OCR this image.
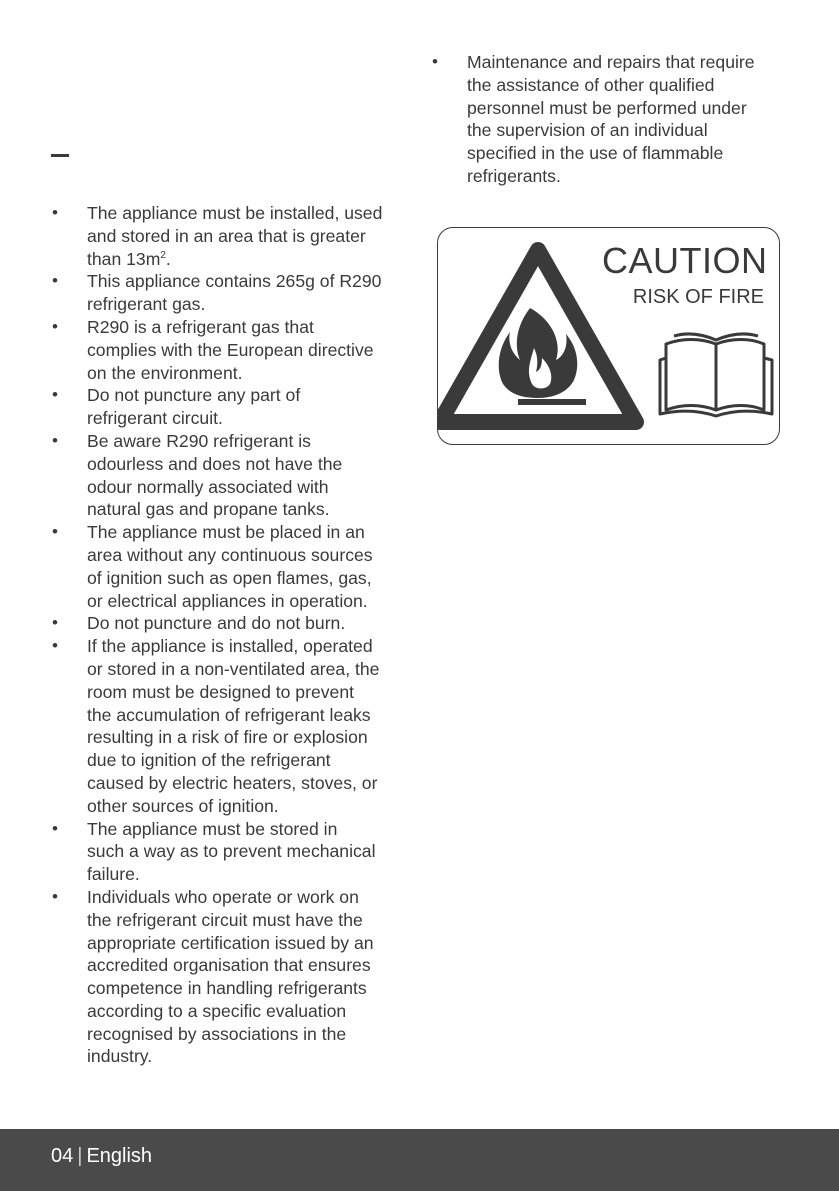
• The appliance must be installed, used
and stored in an area that is greater
than $13m^2$.
• This appliance contains 265g of R290
refrigerant gas.
• R290 is a refrigerant gas that
complies with the European directive
on the environment.
• Do not puncture any part of
refrigerant circuit.
• Be aware R290 refrigerant is
odourless and does not have the
odour normally associated with
natural gas and propane tanks.
• The appliance must be placed in an
area without any continuous sources
of ignition such as open flames, gas,
or electrical appliances in operation.
• Do not puncture and do not burn.
• If the appliance is installed, operated
or stored in a non-ventilated area, the
room must be designed to prevent
the accumulation of refrigerant leaks
resulting in a risk of fire or explosion
due to ignition of the refrigerant
caused by electric heaters, stoves, or
other sources of ignition.
• The appliance must be stored in
such a way as to prevent mechanical
failure.
• Individuals who operate or work on
the refrigerant circuit must have the
appropriate certification issued by an
accredited organisation that ensures
competence in handling refrigerants
according to a specific evaluation
recognised by associations in the
industry.
• Maintenance and repairs that require
the assistance of other qualified
personnel must be performed under
the supervision of an individual
specified in the use of flammable
refrigerants.
CAUTION
RISK OF FIRE
04 | English
